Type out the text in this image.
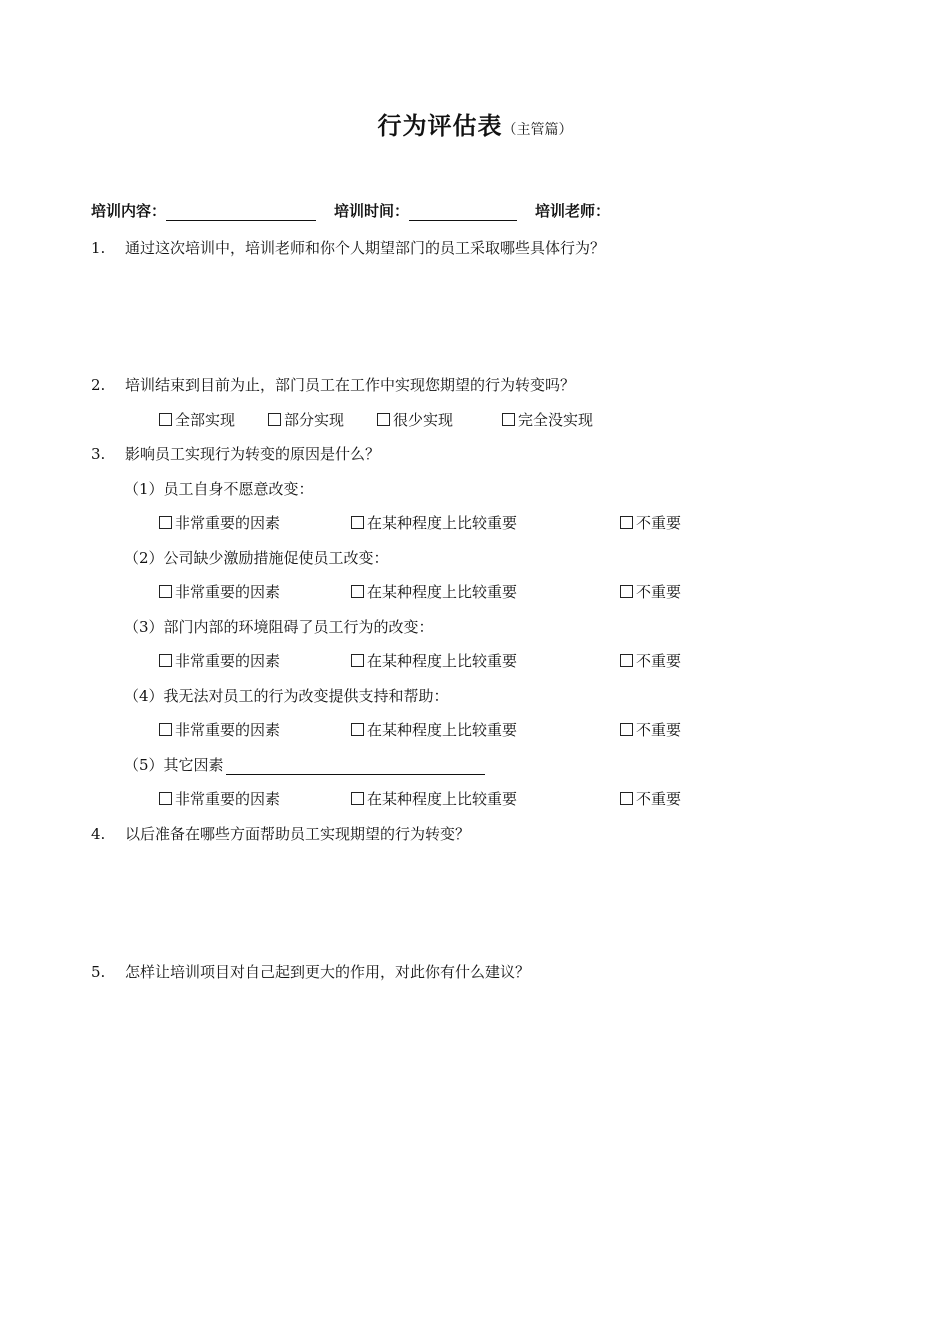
行为评估表（主管篇）
培训内容：	培训时间：	培训老师：
1. 通过这次培训中，培训老师和你个人期望部门的员工采取哪些具体行为？
2. 培训结束到目前为止，部门员工在工作中实现您期望的行为转变吗？
全部实现	部分实现	很少实现	完全没实现
3. 影响员工实现行为转变的原因是什么？
（1）员工自身不愿意改变：
非常重要的因素	在某种程度上比较重要	不重要
（2）公司缺少激励措施促使员工改变：
非常重要的因素	在某种程度上比较重要	不重要
（3）部门内部的环境阻碍了员工行为的改变：
非常重要的因素	在某种程度上比较重要	不重要
（4）我无法对员工的行为改变提供支持和帮助：
非常重要的因素	在某种程度上比较重要	不重要
（5）其它因素
非常重要的因素	在某种程度上比较重要	不重要
4. 以后准备在哪些方面帮助员工实现期望的行为转变？
5. 怎样让培训项目对自己起到更大的作用，对此你有什么建议？
